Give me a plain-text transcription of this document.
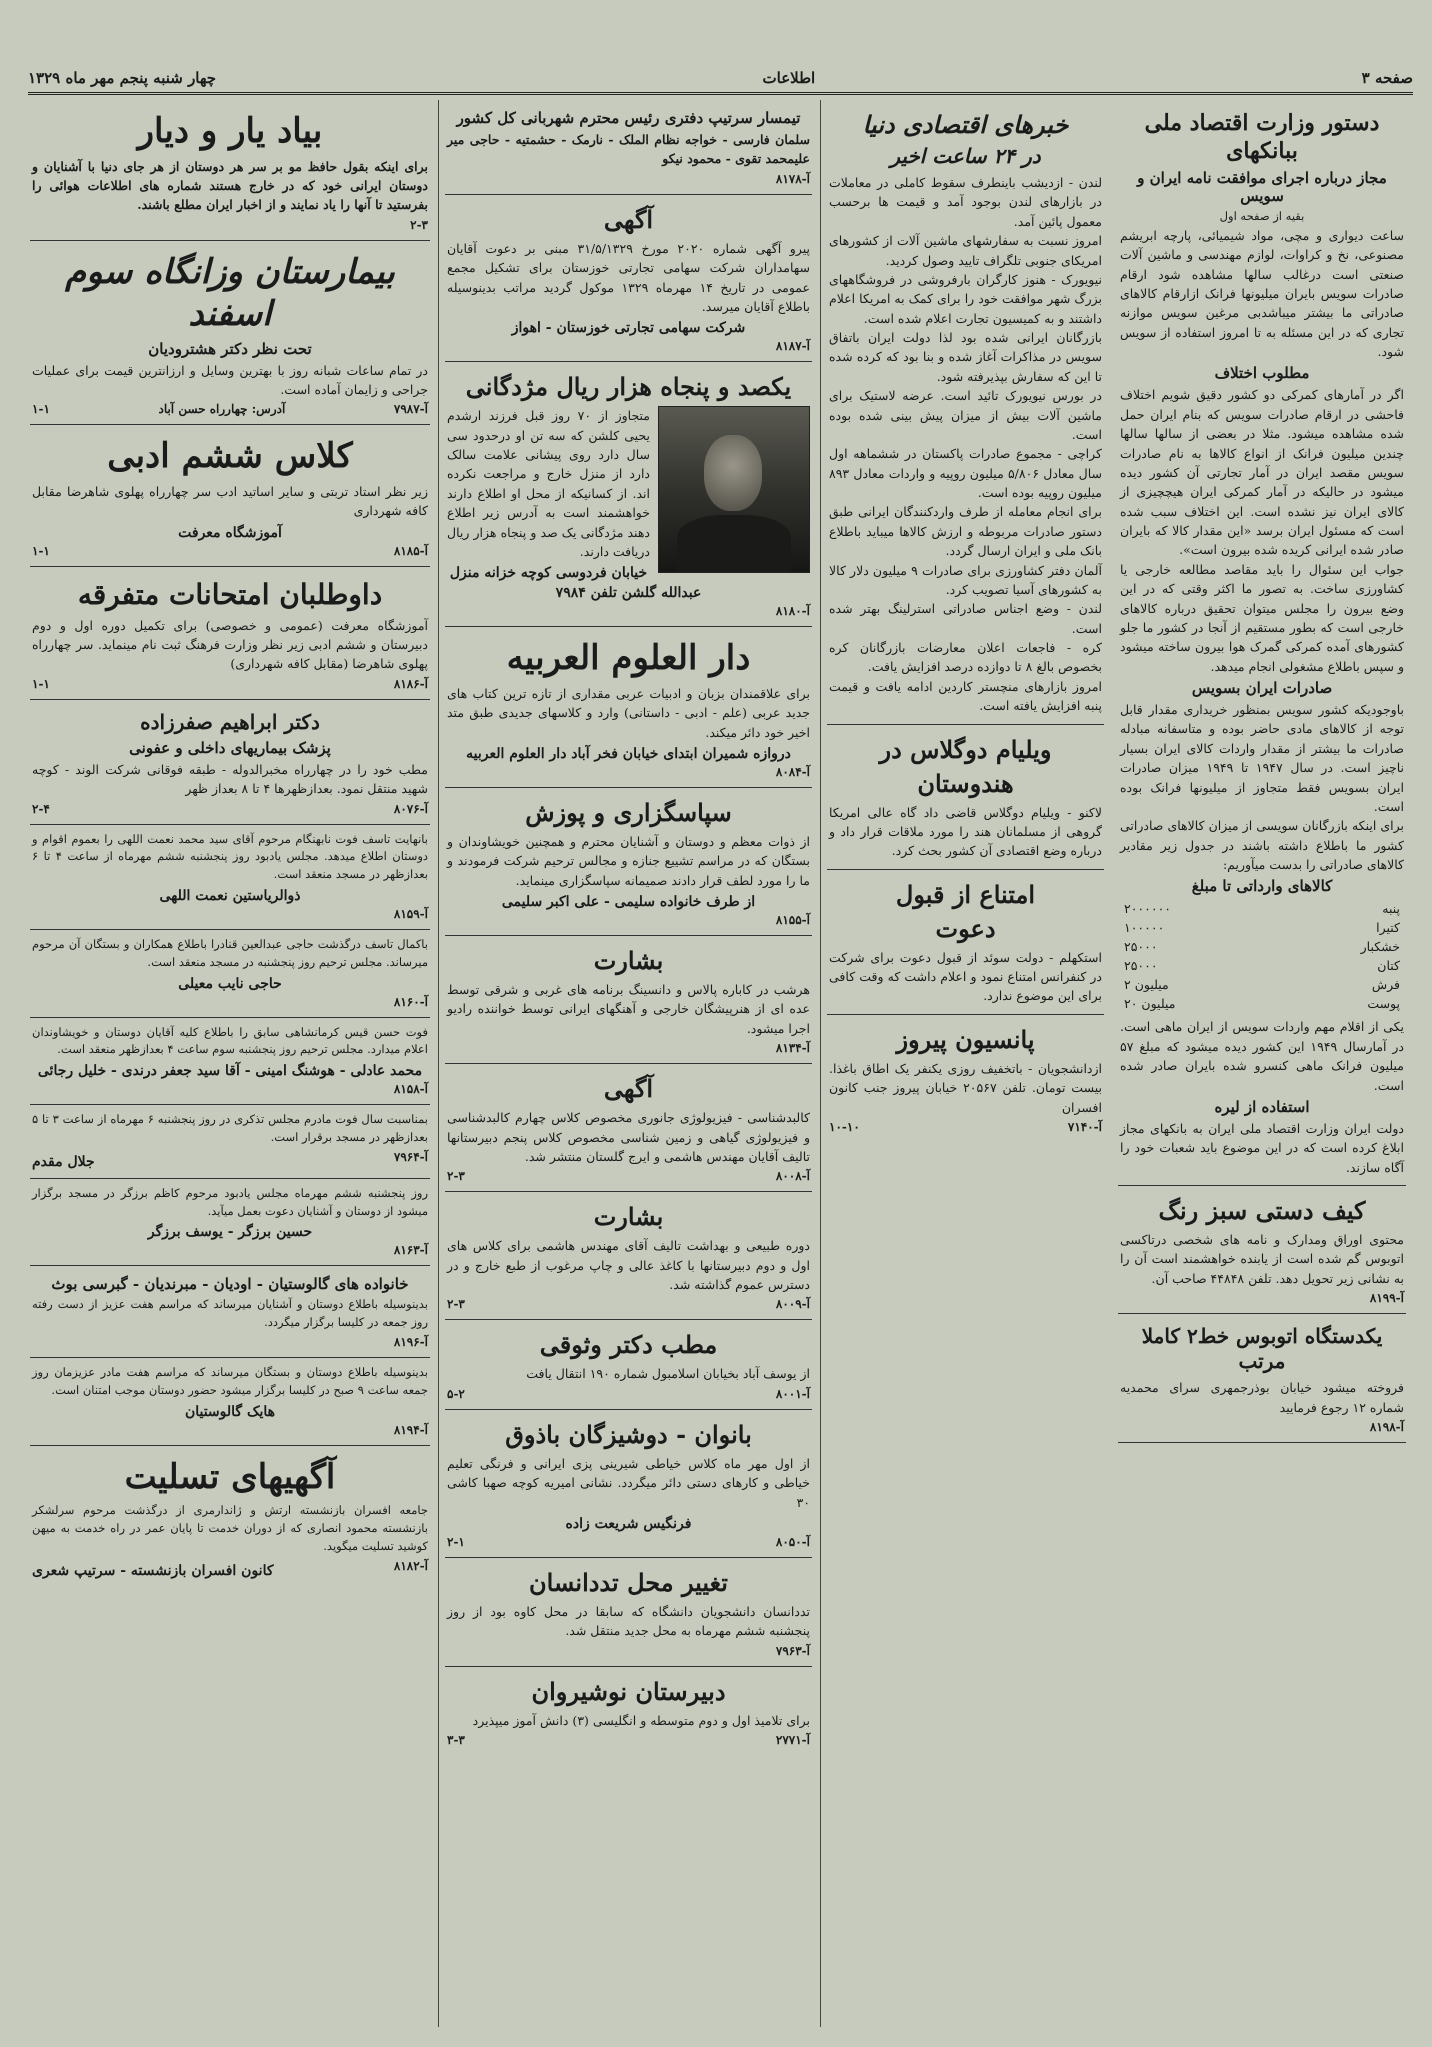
صفحه ۳
اطلاعات
چهار شنبه پنجم مهر ماه ۱۳۲۹
دستور وزارت اقتصاد ملی ببانکهای
مجاز درباره اجرای موافقت نامه ایران و سویس
بقیه از صفحه اول
ساعت دیواری و مچی، مواد شیمیائی، پارچه ابریشم مصنوعی، نخ و کراوات، لوازم مهندسی و ماشین آلات صنعتی است درغالب سالها مشاهده شود ارقام صادرات سویس بایران میلیونها فرانک ازارقام کالاهای صادراتی ما بیشتر میباشدبی مرغین سویس موازنه تجاری که در این مسئله به تا امروز استفاده از سویس شود.
مطلوب اختلاف
اگر در آمارهای کمرکی دو کشور دقیق شویم اختلاف فاحشی در ارقام صادرات سویس که بنام ایران حمل شده مشاهده میشود. مثلا در بعضی از سالها سالها چندین میلیون فرانک از انواع کالاها به نام صادرات سویس مقصد ایران در آمار تجارتی آن کشور دیده میشود در حالیکه در آمار کمرکی ایران هیچچیزی از کالای ایران نیز نشده است. این اختلاف سبب شده است که مسئول ایران برسد «این مقدار کالا که بایران صادر شده ایرانی کریده شده بیرون است».
جواب این سئوال را باید مقاصد مطالعه خارجی یا کشاورزی ساخت. به تصور ما اکثر وقتی که در این وضع بیرون را مجلس میتوان تحقیق درباره کالاهای خارجی است که بطور مستقیم از آنجا در کشور ما جلو کشورهای آمده کمرکی گمرک هوا بیرون ساخته میشود و سپس باطلاع مشغولی انجام میدهد.
صادرات ایران بسویس
باوجودیکه کشور سویس بمنظور خریداری مقدار قابل توجه از کالاهای مادی حاضر بوده و متاسفانه مبادله صادرات ما بیشتر از مقدار واردات کالای ایران بسیار ناچیز است. در سال ۱۹۴۷ تا ۱۹۴۹ میزان صادرات ایران بسویس فقط متجاوز از میلیونها فرانک بوده است.
برای اینکه بازرگانان سویسی از میزان کالاهای صادراتی کشور ما باطلاع داشته باشند در جدول زیر مقادیر کالاهای صادراتی را بدست میآوریم:
کالاهای وارداتی تا مبلغ
پنبه	۲۰۰۰۰۰۰
کتیرا	۱۰۰۰۰۰
خشکبار	۲۵۰۰۰
کتان	۲۵۰۰۰
فرش	۲ میلیون
پوست	۲۰ میلیون
یکی از اقلام مهم واردات سویس از ایران ماهی است. در آمارسال ۱۹۴۹ این کشور دیده میشود که مبلغ ۵۷ میلیون فرانک ماهی کنسرو شده بایران صادر شده است.
استفاده از لیره
دولت ایران وزارت اقتصاد ملی ایران به بانکهای مجاز ابلاغ کرده است که در این موضوع باید شعبات خود را آگاه سازند.
کیف دستی سبز رنگ
محتوی اوراق ومدارک و نامه های شخصی درتاکسی اتوبوس گم شده است از یابنده خواهشمند است آن را به نشانی زیر تحویل دهد. تلفن ۴۴۸۴۸ صاحب آن.
آ-۸۱۹۹
یکدستگاه اتوبوس خط۲ کاملا مرتب
فروخته میشود خیابان بوذرجمهری سرای محمدیه شماره ۱۲ رجوع فرمایید
آ-۸۱۹۸
خبرهای اقتصادی دنیا
در ۲۴ ساعت اخیر
لندن - ازدیشب باینطرف سقوط کاملی در معاملات در بازارهای لندن بوجود آمد و قیمت ها برحسب معمول پائین آمد.
امروز نسبت به سفارشهای ماشین آلات از کشورهای امریکای جنوبی تلگراف تایید وصول کردید.
نیویورک - هنوز کارگران بارفروشی در فروشگاههای بزرگ شهر موافقت خود را برای کمک به امریکا اعلام داشتند و به کمیسیون تجارت اعلام شده است.
بازرگانان ایرانی شده بود لذا دولت ایران باتفاق سویس در مذاکرات آغاز شده و بنا بود که کرده شده تا این که سفارش بپذیرفته شود.
در بورس نیویورک تائید است. عرضه لاستیک برای ماشین آلات بیش از میزان پیش بینی شده بوده است.
کراچی - مجموع صادرات پاکستان در ششماهه اول سال معادل ۵/۸۰۶ میلیون روپیه و واردات معادل ۸۹۳ میلیون روپیه بوده است.
برای انجام معامله از طرف واردکنندگان ایرانی طبق دستور صادرات مربوطه و ارزش کالاها میباید باطلاع بانک ملی و ایران ارسال گردد.
آلمان دفتر کشاورزی برای صادرات ۹ میلیون دلار کالا به کشورهای آسیا تصویب کرد.
لندن - وضع اجناس صادراتی استرلینگ بهتر شده است.
کره - فاجعات اعلان معارضات بازرگانان کره بخصوص بالغ ۸ تا دوازده درصد افزایش یافت.
امروز بازارهای منچستر کاردین ادامه یافت و قیمت پنبه افزایش یافته است.
ویلیام دوگلاس در
هندوستان
لاکنو - ویلیام دوگلاس قاضی داد گاه عالی امریکا گروهی از مسلمانان هند را مورد ملاقات قرار داد و درباره وضع اقتصادی آن کشور بحث کرد.
امتناع از قبول
دعوت
استکهلم - دولت سوئد از قبول دعوت برای شرکت در کنفرانس امتناع نمود و اعلام داشت که وقت کافی برای این موضوع ندارد.
پانسیون پیروز
ازدانشجویان - باتخفیف روزی یکنفر یک اطاق باغذا. بیست تومان. تلفن ۲۰۵۶۷ خیابان پیروز جنب کانون افسران
آ-۷۱۴۰
۱۰-۱۰
تیمسار سرتیپ دفتری رئیس محترم شهربانی کل کشور
سلمان فارسی - خواجه نظام الملک - نارمک - حشمتیه - حاجی میر علیمحمد تقوی - محمود نیکو
آ-۸۱۷۸
آگهی
پیرو آگهی شماره ۲۰۲۰ مورخ ۳۱/۵/۱۳۲۹ مبنی بر دعوت آقایان سهامداران شرکت سهامی تجارتی خوزستان برای تشکیل مجمع عمومی در تاریخ ۱۴ مهرماه ۱۳۲۹ موکول گردید مراتب بدینوسیله باطلاع آقایان میرسد.
شرکت سهامی تجارتی خوزستان - اهواز
آ-۸۱۸۷
یکصد و پنجاه هزار ریال مژدگانی
متجاوز از ۷۰ روز قبل فرزند ارشدم یحیی کلشن که سه تن او درحدود سی سال دارد روی پیشانی علامت سالک دارد از منزل خارج و مراجعت نکرده اند. از کسانیکه از محل او اطلاع دارند خواهشمند است به آدرس زیر اطلاع دهند مژدگانی یک صد و پنجاه هزار ریال دریافت دارند.
خیابان فردوسی کوچه خزانه منزل
عبدالله گلشن تلفن ۷۹۸۴
آ-۸۱۸۰
دار العلوم العربیه
برای علاقمندان بزبان و ادبیات عربی مقداری از تازه ترین کتاب های جدید عربی (علم - ادبی - داستانی) وارد و کلاسهای جدیدی طبق متد اخیر خود دائر میکند.
دروازه شمیران ابتدای خیابان فخر آباد دار العلوم العربیه
آ-۸۰۸۴
سپاسگزاری و پوزش
از ذوات معظم و دوستان و آشنایان محترم و همچنین خویشاوندان و بستگان که در مراسم تشییع جنازه و مجالس ترحیم شرکت فرمودند و ما را مورد لطف قرار دادند صمیمانه سپاسگزاری مینماید.
از طرف خانواده سلیمی - علی اکبر سلیمی
آ-۸۱۵۵
بشارت
هرشب در کاباره پالاس و دانسینگ برنامه های غربی و شرقی توسط عده ای از هنرپیشگان خارجی و آهنگهای ایرانی توسط خواننده رادیو اجرا میشود.
آ-۸۱۳۴
آگهی
کالبدشناسی - فیزیولوژی جانوری مخصوص کلاس چهارم کالبدشناسی و فیزیولوژی گیاهی و زمین شناسی مخصوص کلاس پنجم دبیرستانها تالیف آقایان مهندس هاشمی و ایرج گلستان منتشر شد.
آ-۸۰۰۸
۲-۳
بشارت
دوره طبیعی و بهداشت تالیف آقای مهندس هاشمی برای کلاس های اول و دوم دبیرستانها با کاغذ عالی و چاپ مرغوب از طبع خارج و در دسترس عموم گذاشته شد.
آ-۸۰۰۹
۲-۳
مطب دکتر وثوقی
از یوسف آباد بخیابان اسلامبول شماره ۱۹۰ انتقال یافت
آ-۸۰۰۱
۵-۲
بانوان - دوشیزگان باذوق
از اول مهر ماه کلاس خیاطی شیرینی پزی ایرانی و فرنگی تعلیم خیاطی و کارهای دستی دائر میگردد. نشانی امیریه کوچه صهبا کاشی ۳۰
فرنگیس شریعت زاده
آ-۸۰۵۰
۲-۱
تغییر محل تددانسان
تددانسان دانشجویان دانشگاه که سابقا در محل کاوه بود از روز پنجشنبه ششم مهرماه به محل جدید منتقل شد.
آ-۷۹۶۳
دبیرستان نوشیروان
برای تلامیذ اول و دوم متوسطه و انگلیسی (۳) دانش آموز میپذیرد
آ-۲۷۷۱
۳-۳
بیاد یار و دیار
برای اینکه بقول حافظ مو بر سر هر دوستان از هر جای دنیا با آشنایان و دوستان ایرانی خود که در خارج هستند شماره های اطلاعات هوائی را بفرستید تا آنها را یاد نمایند و از اخبار ایران مطلع باشند.
۲-۳
بیمارستان وزانگاه سوم اسفند
تحت نظر دکتر هشترودیان
در تمام ساعات شبانه روز با بهترین وسایل و ارزانترین قیمت برای عملیات جراحی و زایمان آماده است.
آ-۷۹۸۷
آدرس: چهارراه حسن آباد
۱-۱
کلاس ششم ادبی
زیر نظر استاد تربتی و سایر اساتید ادب سر چهارراه پهلوی شاهرضا مقابل کافه شهرداری
آموزشگاه معرفت
آ-۸۱۸۵
۱-۱
داوطلبان امتحانات متفرقه
آموزشگاه معرفت (عمومی و خصوصی) برای تکمیل دوره اول و دوم دبیرستان و ششم ادبی زیر نظر وزارت فرهنگ ثبت نام مینماید. سر چهارراه پهلوی شاهرضا (مقابل کافه شهرداری)
آ-۸۱۸۶
۱-۱
دکتر ابراهیم صفرزاده
پزشک بیماریهای داخلی و عفونی
مطب خود را در چهارراه مخبرالدوله - طبقه فوقانی شرکت الوند - کوچه شهید منتقل نمود. بعدازظهرها ۴ تا ۸ بعداز ظهر
آ-۸۰۷۶
۲-۴
بانهایت تاسف فوت نابهنگام مرحوم آقای سید محمد نعمت اللهی را بعموم اقوام و دوستان اطلاع میدهد. مجلس یادبود روز پنجشنبه ششم مهرماه از ساعت ۴ تا ۶ بعدازظهر در مسجد منعقد است.
ذوالریاستین نعمت اللهی
آ-۸۱۵۹
باکمال تاسف درگذشت حاجی عبدالعین قنادرا باطلاع همکاران و بستگان آن مرحوم میرساند. مجلس ترحیم روز پنجشنبه در مسجد منعقد است.
حاجی نایب معیلی
آ-۸۱۶۰
فوت حسن قیس کرمانشاهی سابق را باطلاع کلیه آقایان دوستان و خویشاوندان اعلام میدارد. مجلس ترحیم روز پنجشنبه سوم ساعت ۴ بعدازظهر منعقد است.
محمد عادلی - هوشنگ امینی - آقا سید جعفر درندی - خلیل رجائی
آ-۸۱۵۸
بمناسبت سال فوت مادرم مجلس تذکری در روز پنجشنبه ۶ مهرماه از ساعت ۳ تا ۵ بعدازظهر در مسجد برقرار است.
آ-۷۹۶۴
جلال مقدم
روز پنجشنبه ششم مهرماه مجلس یادبود مرحوم کاظم برزگر در مسجد برگزار میشود از دوستان و آشنایان دعوت بعمل میآید.
حسین برزگر - یوسف برزگر
آ-۸۱۶۳
خانواده های گالوستیان - اودیان - مبرنديان - گبرسی بوث
بدینوسیله باطلاع دوستان و آشنایان میرساند که مراسم هفت عزیز از دست رفته روز جمعه در کلیسا برگزار میگردد.
آ-۸۱۹۶
بدینوسیله باطلاع دوستان و بستگان میرساند که مراسم هفت مادر عزیزمان روز جمعه ساعت ۹ صبح در کلیسا برگزار میشود حضور دوستان موجب امتنان است.
هایک گالوستیان
آ-۸۱۹۴
آگهیهای تسلیت
جامعه افسران بازنشسته ارتش و ژاندارمری از درگذشت مرحوم سرلشکر بازنشسته محمود انصاری که از دوران خدمت تا پایان عمر در راه خدمت به میهن کوشید تسلیت میگوید.
آ-۸۱۸۲
کانون افسران بازنشسته - سرتیپ شعری
